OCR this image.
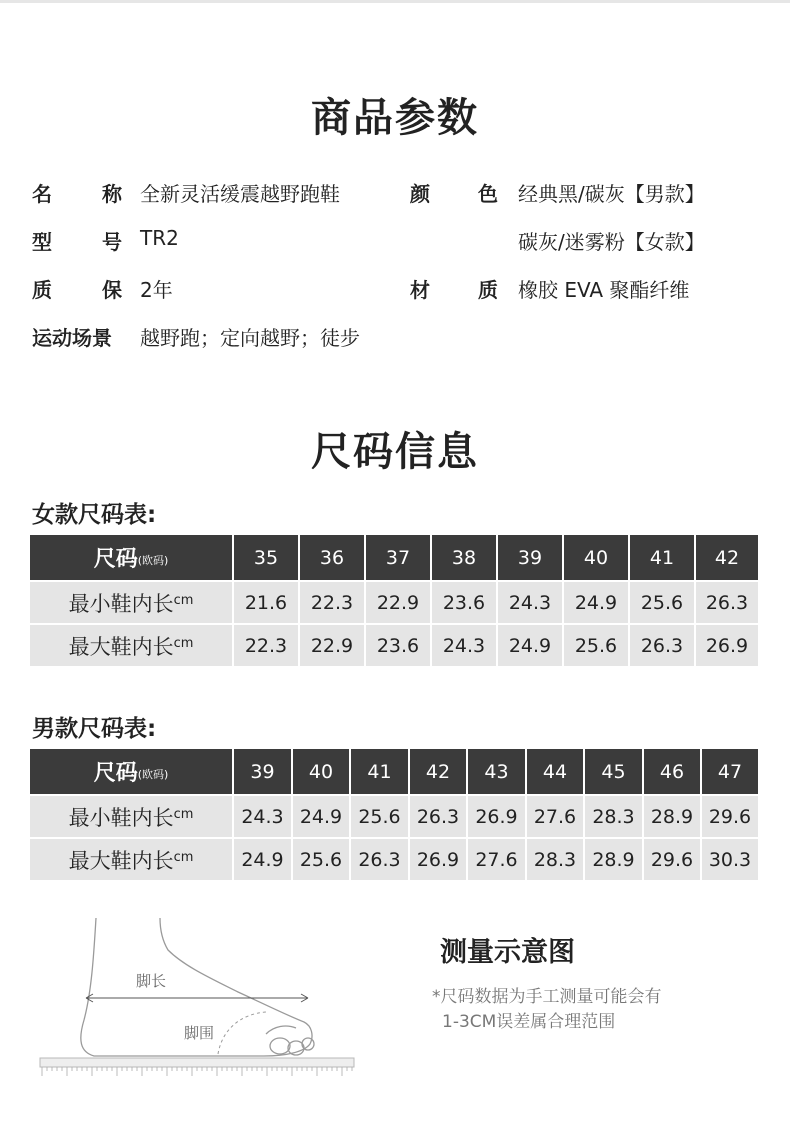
商品参数
名	称 全新灵活缓震越野跑鞋	颜 色 经典黑/碳灰【男款】
型	号 TR2	碳灰/迷雾粉【女款】
质	保 2年	材 质 橡胶 EVA 聚酯纤维
运动场景	越野跑；定向越野；徒步
尺码信息
女款尺码表:
尺码(欧码)	35	36	37	38	39	40	41	42
最小鞋内长$^{cm}$	21.6	22.3	22.9	23.6	24.3	24.9	25.6	26.3
最大鞋内长$^{cm}$	22.3	22.9	23.6	24.3	24.9	25.6	26.3	26.9
男款尺码表:
尺码(欧码)	39	40	41	42	43	44	45	46	47
最小鞋内长$^{cm}$	24.3	24.9	25.6	26.3	26.9	27.6	28.3	28.9	29.6
最大鞋内长$^{cm}$	24.9	25.6	26.3	26.9	27.6	28.3	28.9	29.6	30.3
脚长
脚围
测量示意图
*尺码数据为手工测量可能会有
1-3CM误差属合理范围
